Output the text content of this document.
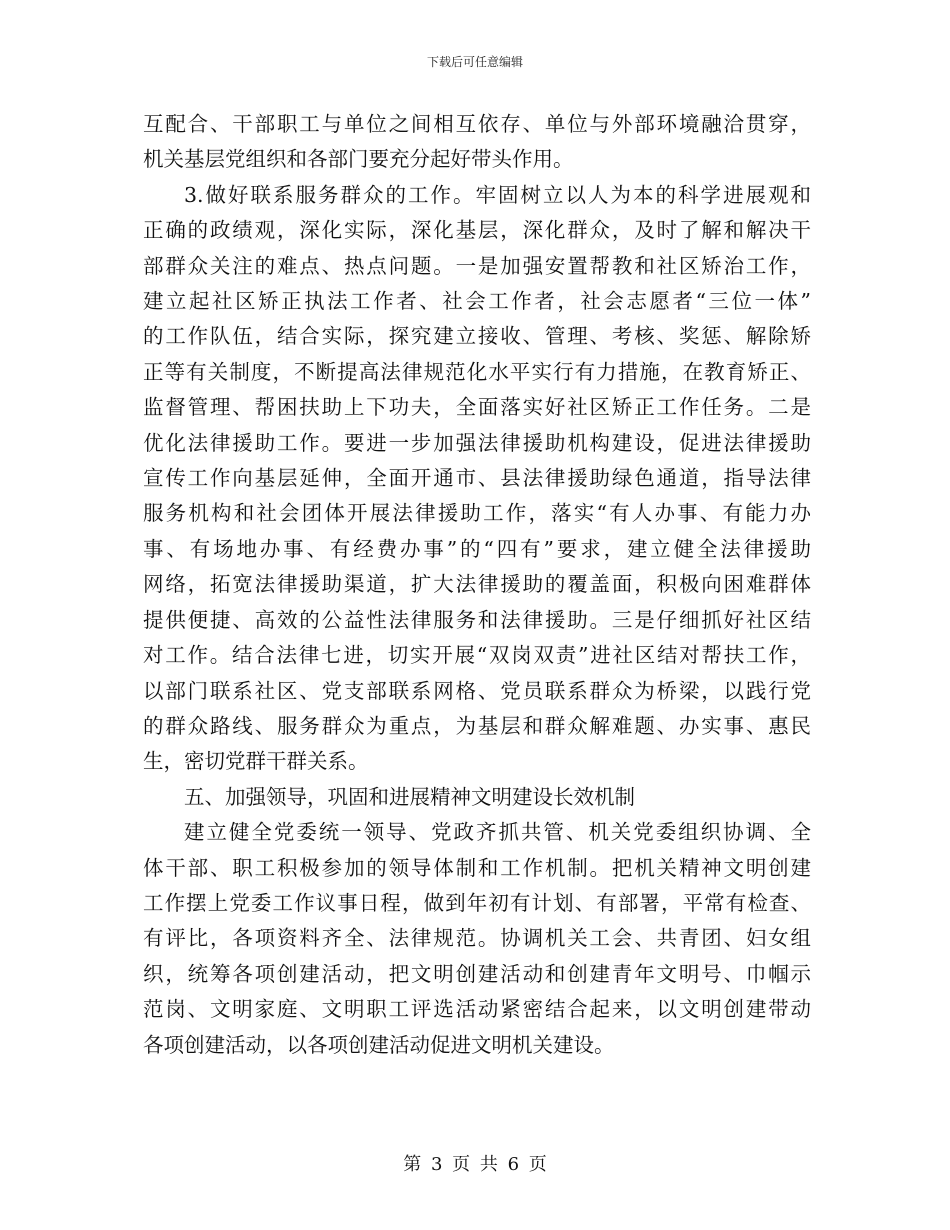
下载后可任意编辑
互配合、干部职工与单位之间相互依存、单位与外部环境融洽贯穿，
机关基层党组织和各部门要充分起好带头作用。
3.做好联系服务群众的工作。牢固树立以人为本的科学进展观和
正确的政绩观，深化实际，深化基层，深化群众，及时了解和解决干
部群众关注的难点、热点问题。一是加强安置帮教和社区矫治工作，
建立起社区矫正执法工作者、社会工作者，社会志愿者“三位一体”
的工作队伍，结合实际，探究建立接收、管理、考核、奖惩、解除矫
正等有关制度，不断提高法律规范化水平实行有力措施，在教育矫正、
监督管理、帮困扶助上下功夫，全面落实好社区矫正工作任务。二是
优化法律援助工作。要进一步加强法律援助机构建设，促进法律援助
宣传工作向基层延伸，全面开通市、县法律援助绿色通道，指导法律
服务机构和社会团体开展法律援助工作，落实“有人办事、有能力办
事、有场地办事、有经费办事”的“四有”要求，建立健全法律援助
网络，拓宽法律援助渠道，扩大法律援助的覆盖面，积极向困难群体
提供便捷、高效的公益性法律服务和法律援助。三是仔细抓好社区结
对工作。结合法律七进，切实开展“双岗双责”进社区结对帮扶工作，
以部门联系社区、党支部联系网格、党员联系群众为桥梁，以践行党
的群众路线、服务群众为重点，为基层和群众解难题、办实事、惠民
生，密切党群干群关系。
五、加强领导，巩固和进展精神文明建设长效机制
建立健全党委统一领导、党政齐抓共管、机关党委组织协调、全
体干部、职工积极参加的领导体制和工作机制。把机关精神文明创建
工作摆上党委工作议事日程，做到年初有计划、有部署，平常有检查、
有评比，各项资料齐全、法律规范。协调机关工会、共青团、妇女组
织，统筹各项创建活动，把文明创建活动和创建青年文明号、巾帼示
范岗、文明家庭、文明职工评选活动紧密结合起来，以文明创建带动
各项创建活动，以各项创建活动促进文明机关建设。
第 3 页 共 6 页
